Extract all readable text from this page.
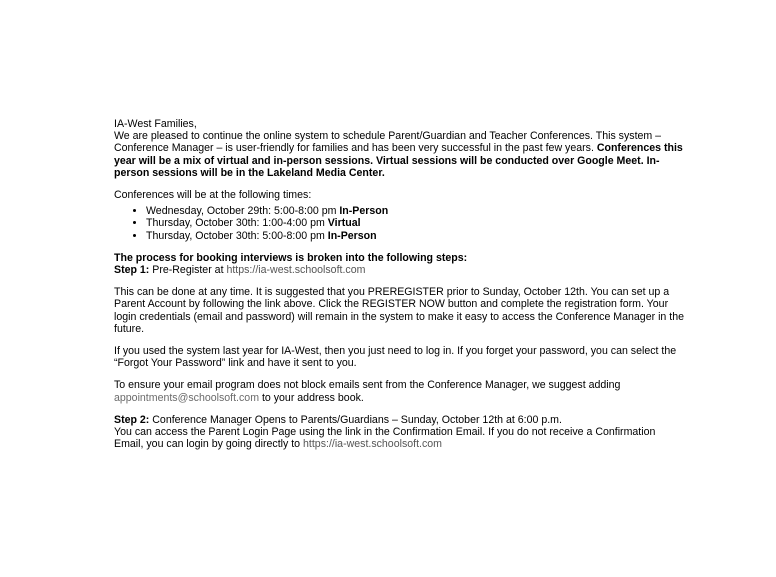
IA-West Families,

We are pleased to continue the online system to schedule Parent/Guardian and Teacher Conferences. This system – Conference Manager – is user-friendly for families and has been very successful in the past few years. Conferences this year will be a mix of virtual and in-person sessions. Virtual sessions will be conducted over Google Meet. In-person sessions will be in the Lakeland Media Center.

Conferences will be at the following times:

• Wednesday, October 29th: 5:00-8:00 pm In-Person
• Thursday, October 30th: 1:00-4:00 pm Virtual
• Thursday, October 30th: 5:00-8:00 pm In-Person

The process for booking interviews is broken into the following steps:

Step 1: Pre-Register at https://ia-west.schoolsoft.com

This can be done at any time. It is suggested that you PREREGISTER prior to Sunday, October 12th. You can set up a Parent Account by following the link above. Click the REGISTER NOW button and complete the registration form. Your login credentials (email and password) will remain in the system to make it easy to access the Conference Manager in the future.

If you used the system last year for IA-West, then you just need to log in. If you forget your password, you can select the “Forgot Your Password” link and have it sent to you.

To ensure your email program does not block emails sent from the Conference Manager, we suggest adding appointments@schoolsoft.com to your address book.

Step 2: Conference Manager Opens to Parents/Guardians – Sunday, October 12th at 6:00 p.m.

You can access the Parent Login Page using the link in the Confirmation Email. If you do not receive a Confirmation Email, you can login by going directly to https://ia-west.schoolsoft.com
